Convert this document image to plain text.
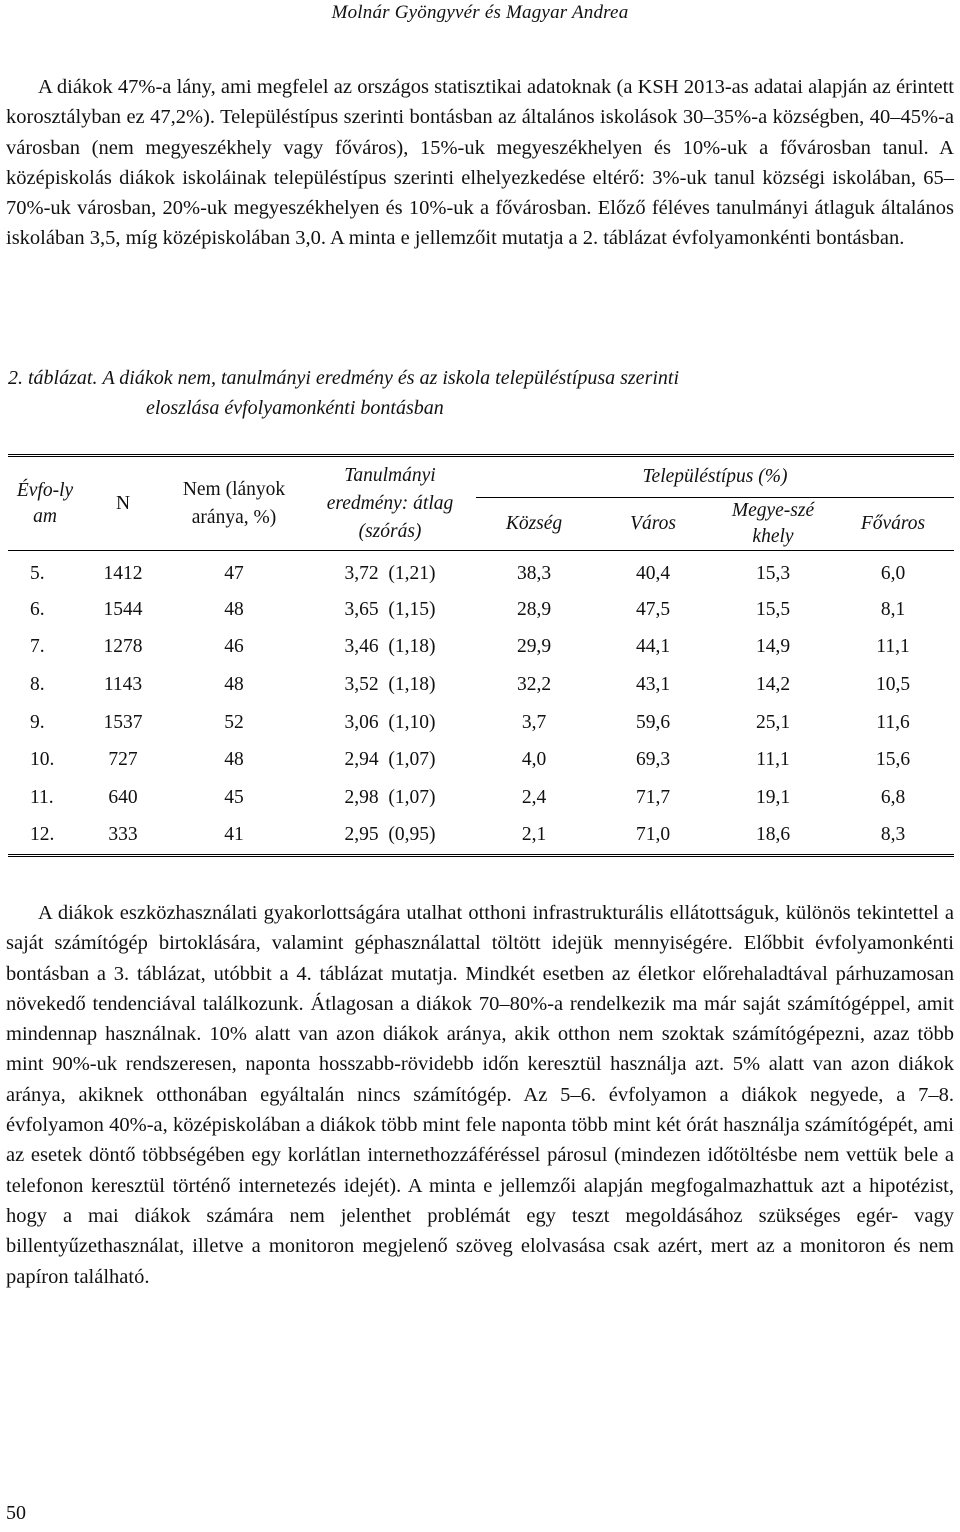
Molnár Gyöngyvér és Magyar Andrea

A diákok 47%-a lány, ami megfelel az országos statisztikai adatoknak (a KSH 2013-as adatai alapján az érintett korosztályban ez 47,2%). Településtípus szerinti bontásban az általános iskolások 30–35%-a községben, 40–45%-a városban (nem megyeszékhely vagy főváros), 15%-uk megyeszékhelyen és 10%-uk a fővárosban tanul. A középiskolás diákok iskoláinak településtípus szerinti elhelyezkedése eltérő: 3%-uk tanul községi iskolában, 65–70%-uk városban, 20%-uk megyeszékhelyen és 10%-uk a fővárosban. Előző féléves tanulmányi átlaguk általános iskolában 3,5, míg középiskolában 3,0. A minta e jellemzőit mutatja a 2. táblázat évfolyamonkénti bontásban.

2. táblázat. A diákok nem, tanulmányi eredmény és az iskola településtípusa szerinti
eloszlása évfolyamonkénti bontásban
Évfo-lyam	N	Nem (lányok aránya, %)	Tanulmányi eredmény: átlag (szórás)	Településtípus (%)			
				Község	Város	Megye-székhely	Főváros
5.	1412	47	3,72 (1,21)	38,3	40,4	15,3	6,0
6.	1544	48	3,65 (1,15)	28,9	47,5	15,5	8,1
7.	1278	46	3,46 (1,18)	29,9	44,1	14,9	11,1
8.	1143	48	3,52 (1,18)	32,2	43,1	14,2	10,5
9.	1537	52	3,06 (1,10)	3,7	59,6	25,1	11,6
10.	727	48	2,94 (1,07)	4,0	69,3	11,1	15,6
11.	640	45	2,98 (1,07)	2,4	71,7	19,1	6,8
12.	333	41	2,95 (0,95)	2,1	71,0	18,6	8,3

A diákok eszközhasználati gyakorlottságára utalhat otthoni infrastrukturális ellátottságuk, különös tekintettel a saját számítógép birtoklására, valamint géphasználattal töltött idejük mennyiségére. Előbbit évfolyamonkénti bontásban a 3. táblázat, utóbbit a 4. táblázat mutatja. Mindkét esetben az életkor előrehaladtával párhuzamosan növekedő tendenciával találkozunk. Átlagosan a diákok 70–80%-a rendelkezik ma már saját számítógéppel, amit mindennap használnak. 10% alatt van azon diákok aránya, akik otthon nem szoktak számítógépezni, azaz több mint 90%-uk rendszeresen, naponta hosszabb-rövidebb időn keresztül használja azt. 5% alatt van azon diákok aránya, akiknek otthonában egyáltalán nincs számítógép. Az 5–6. évfolyamon a diákok negyede, a 7–8. évfolyamon 40%-a, középiskolában a diákok több mint fele naponta több mint két órát használja számítógépét, ami az esetek döntő többségében egy korlátlan internethozzáféréssel párosul (mindezen időtöltésbe nem vettük bele a telefonon keresztül történő internetezés idejét). A minta e jellemzői alapján megfogalmazhattuk azt a hipotézist, hogy a mai diákok számára nem jelenthet problémát egy teszt megoldásához szükséges egér- vagy billentyűzethasználat, illetve a monitoron megjelenő szöveg elolvasása csak azért, mert az a monitoron és nem papíron található.

50
